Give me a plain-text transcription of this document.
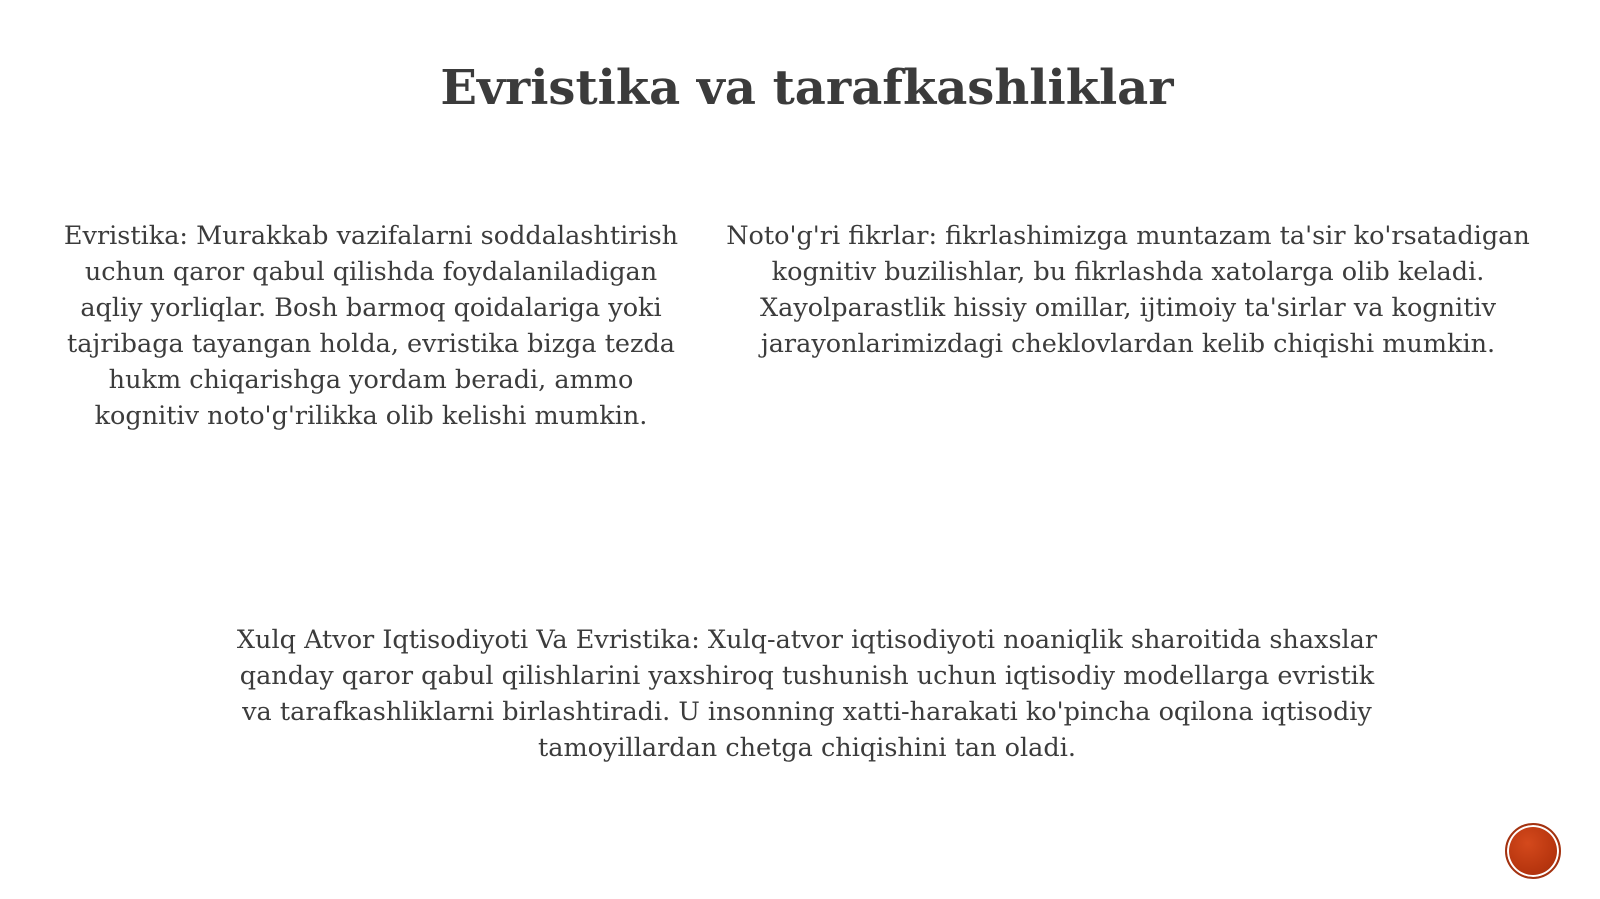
Evristika va tarafkashliklar

Evristika: Murakkab vazifalarni soddalashtirish uchun qaror qabul qilishda foydalaniladigan aqliy yorliqlar. Bosh barmoq qoidalariga yoki tajribaga tayangan holda, evristika bizga tezda hukm chiqarishga yordam beradi, ammo kognitiv noto'g'rilikka olib kelishi mumkin.

Noto'g'ri fikrlar: fikrlashimizga muntazam ta'sir ko'rsatadigan kognitiv buzilishlar, bu fikrlashda xatolarga olib keladi. Xayolparastlik hissiy omillar, ijtimoiy ta'sirlar va kognitiv jarayonlarimizdagi cheklovlardan kelib chiqishi mumkin.

Xulq Atvor Iqtisodiyoti Va Evristika: Xulq-atvor iqtisodiyoti noaniqlik sharoitida shaxslar qanday qaror qabul qilishlarini yaxshiroq tushunish uchun iqtisodiy modellarga evristik va tarafkashliklarni birlashtiradi. U insonning xatti-harakati ko'pincha oqilona iqtisodiy tamoyillardan chetga chiqishini tan oladi.
